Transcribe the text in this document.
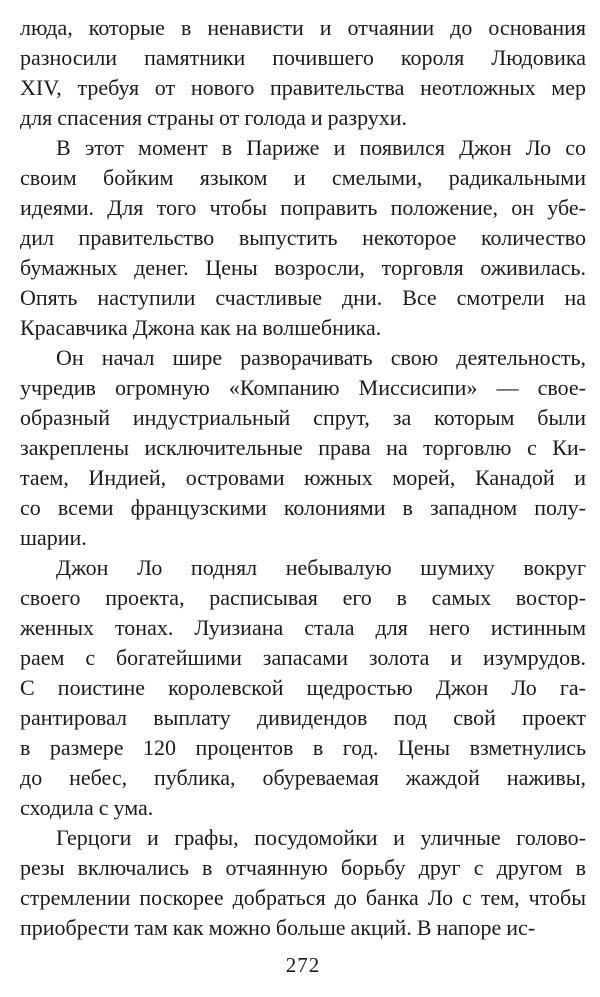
люда, которые в ненависти и отчаянии до основания
разносили памятники почившего короля Людовика
XIV, требуя от нового правительства неотложных мер
для спасения страны от голода и разрухи.
В этот момент в Париже и появился Джон Ло со
своим бойким языком и смелыми, радикальными
идеями. Для того чтобы поправить положение, он убе-
дил правительство выпустить некоторое количество
бумажных денег. Цены возросли, торговля оживилась.
Опять наступили счастливые дни. Все смотрели на
Красавчика Джона как на волшебника.
Он начал шире разворачивать свою деятельность,
учредив огромную «Компанию Миссисипи» — свое-
образный индустриальный спрут, за которым были
закреплены исключительные права на торговлю с Ки-
таем, Индией, островами южных морей, Канадой и
со всеми французскими колониями в западном полу-
шарии.
Джон Ло поднял небывалую шумиху вокруг
своего проекта, расписывая его в самых востор-
женных тонах. Луизиана стала для него истинным
раем с богатейшими запасами золота и изумрудов.
С поистине королевской щедростью Джон Ло га-
рантировал выплату дивидендов под свой проект
в размере 120 процентов в год. Цены взметнулись
до небес, публика, обуреваемая жаждой наживы,
сходила с ума.
Герцоги и графы, посудомойки и уличные голово-
резы включались в отчаянную борьбу друг с другом в
стремлении поскорее добраться до банка Ло с тем, чтобы
приобрести там как можно больше акций. В напоре ис-
272
